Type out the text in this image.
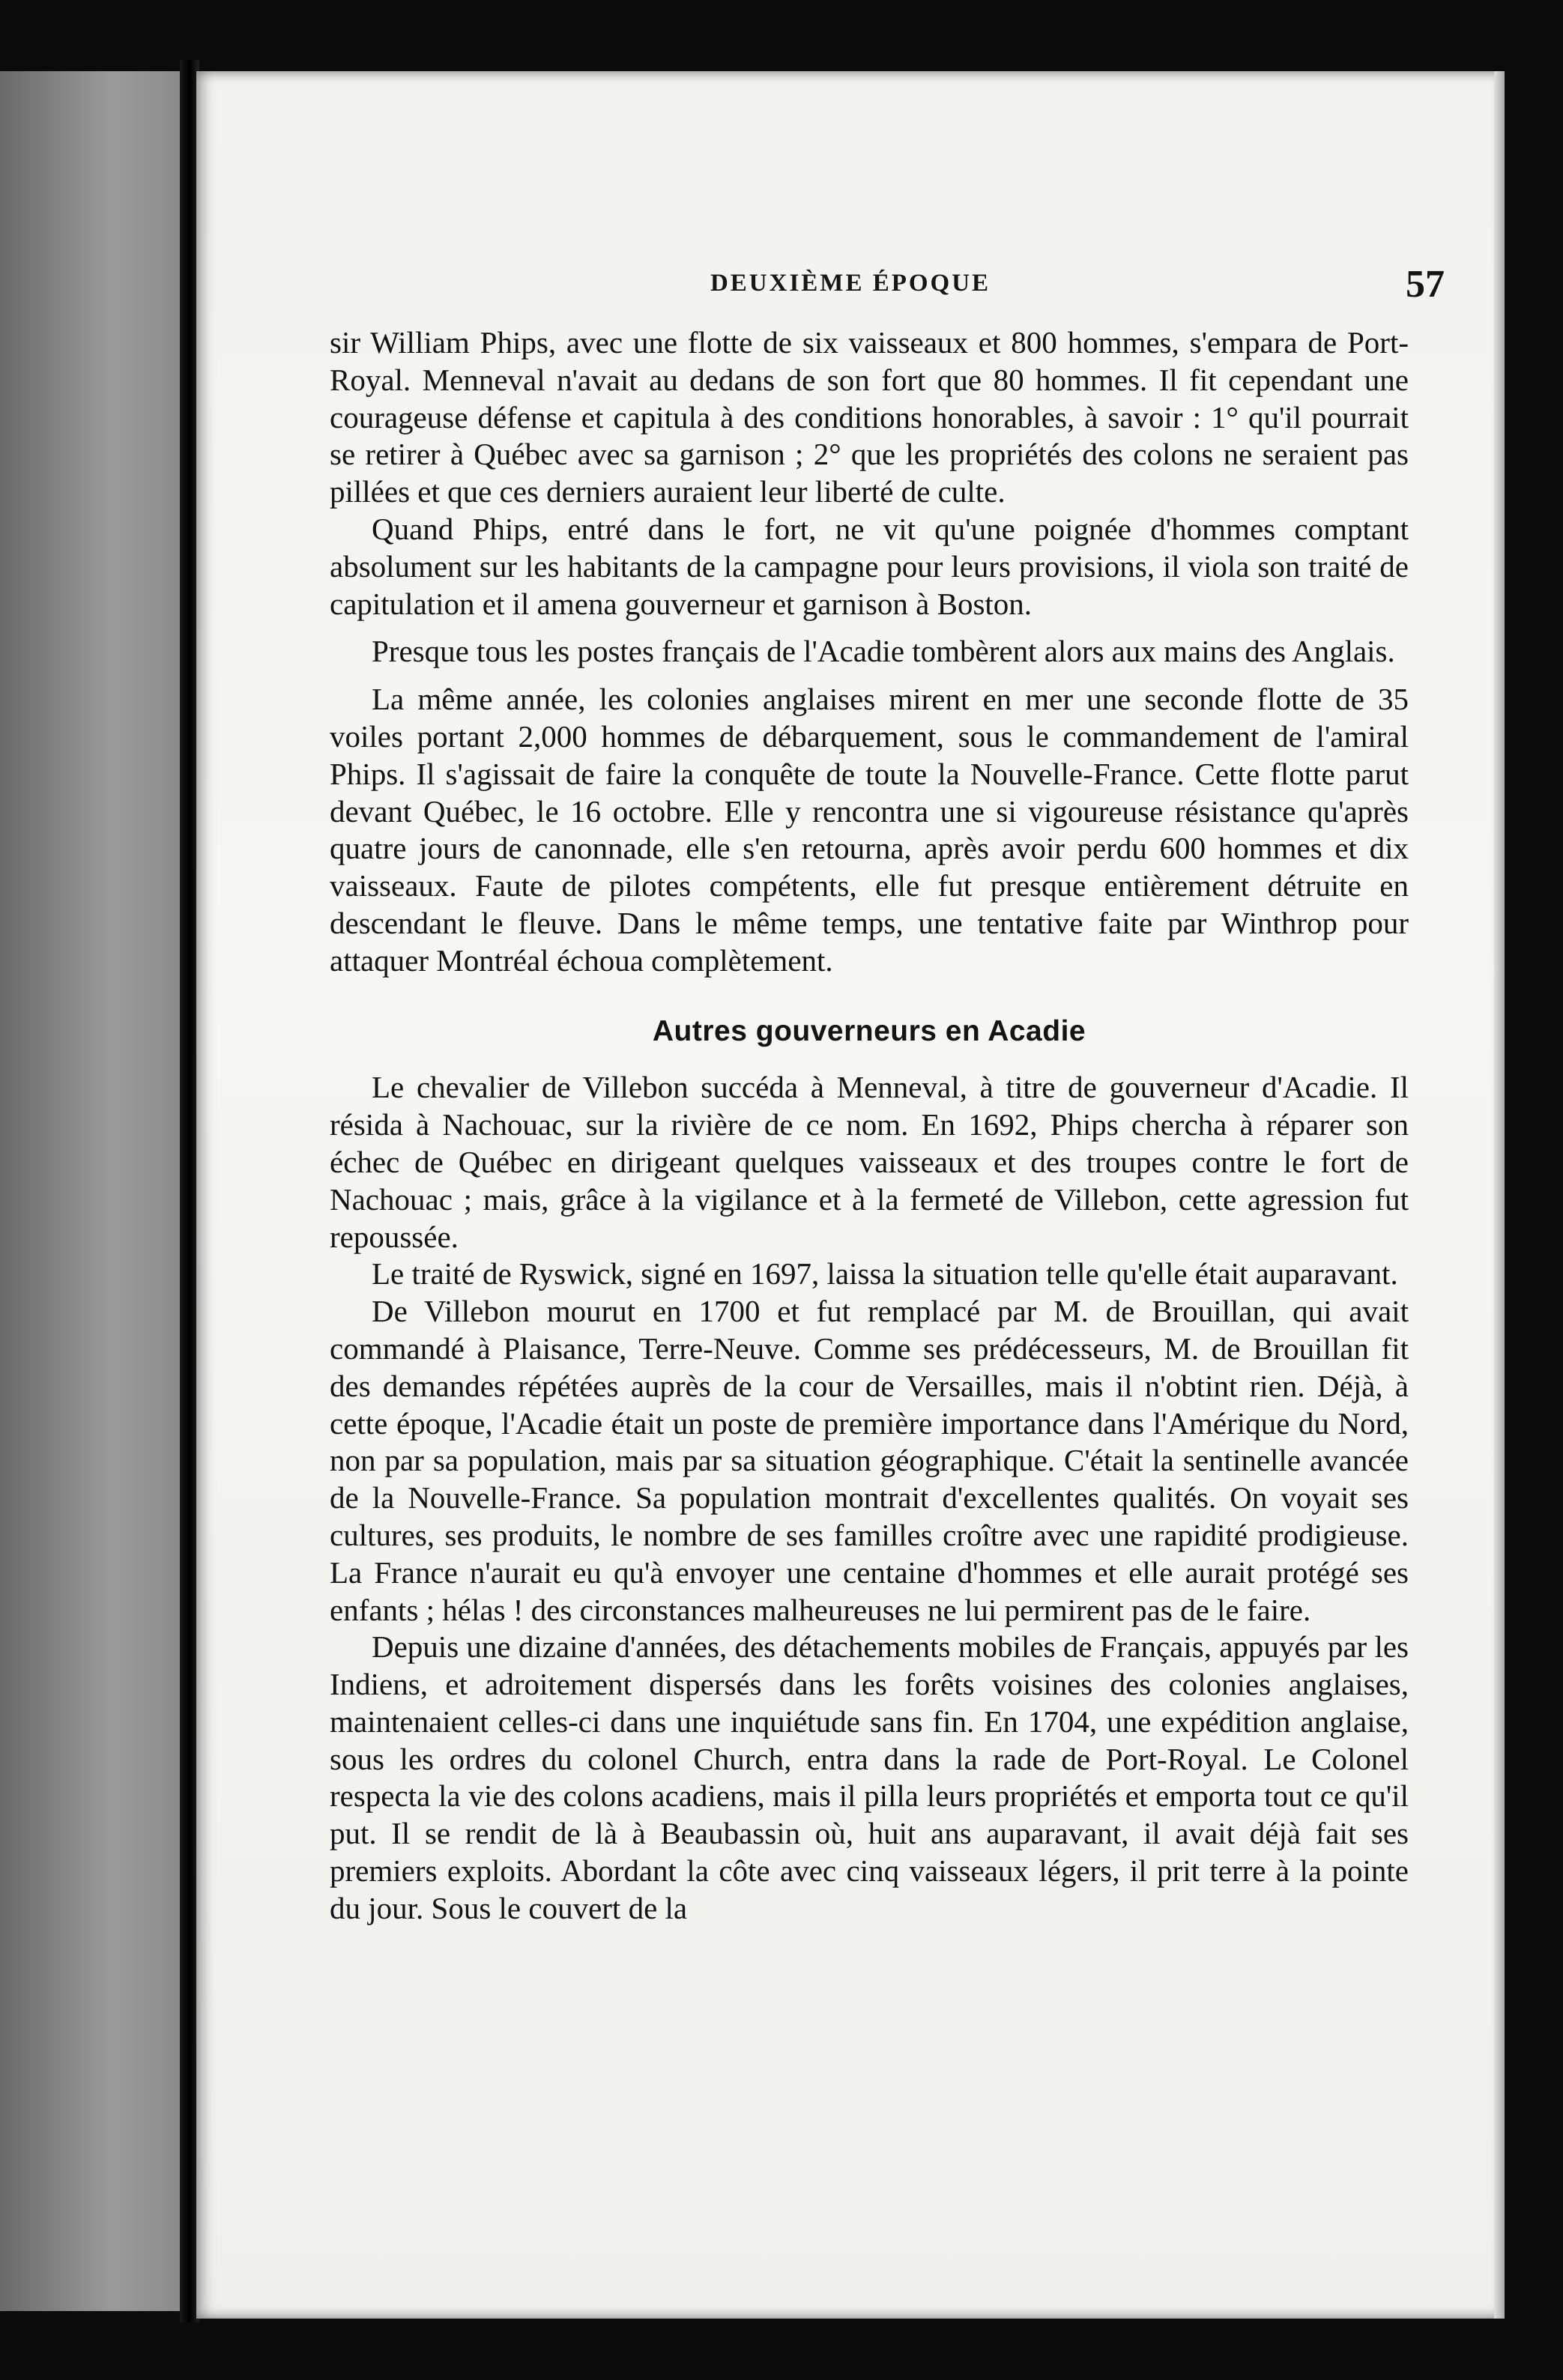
DEUXIÈME ÉPOQUE	57

sir William Phips, avec une flotte de six vaisseaux et 800 hommes, s'empara de Port-Royal. Menneval n'avait au dedans de son fort que 80 hommes. Il fit cependant une courageuse défense et capitula à des conditions honorables, à savoir : 1° qu'il pourrait se retirer à Québec avec sa garnison ; 2° que les propriétés des colons ne seraient pas pillées et que ces derniers auraient leur liberté de culte.

Quand Phips, entré dans le fort, ne vit qu'une poignée d'hommes comptant absolument sur les habitants de la campagne pour leurs provisions, il viola son traité de capitulation et il amena gouverneur et garnison à Boston.

Presque tous les postes français de l'Acadie tombèrent alors aux mains des Anglais.

La même année, les colonies anglaises mirent en mer une seconde flotte de 35 voiles portant 2,000 hommes de débarquement, sous le commandement de l'amiral Phips. Il s'agissait de faire la conquête de toute la Nouvelle-France. Cette flotte parut devant Québec, le 16 octobre. Elle y rencontra une si vigoureuse résistance qu'après quatre jours de canonnade, elle s'en retourna, après avoir perdu 600 hommes et dix vaisseaux. Faute de pilotes compétents, elle fut presque entièrement détruite en descendant le fleuve. Dans le même temps, une tentative faite par Winthrop pour attaquer Montréal échoua complètement.

Autres gouverneurs en Acadie

Le chevalier de Villebon succéda à Menneval, à titre de gouverneur d'Acadie. Il résida à Nachouac, sur la rivière de ce nom. En 1692, Phips chercha à réparer son échec de Québec en dirigeant quelques vaisseaux et des troupes contre le fort de Nachouac ; mais, grâce à la vigilance et à la fermeté de Villebon, cette agression fut repoussée.

Le traité de Ryswick, signé en 1697, laissa la situation telle qu'elle était auparavant.

De Villebon mourut en 1700 et fut remplacé par M. de Brouillan, qui avait commandé à Plaisance, Terre-Neuve. Comme ses prédécesseurs, M. de Brouillan fit des demandes répétées auprès de la cour de Versailles, mais il n'obtint rien. Déjà, à cette époque, l'Acadie était un poste de première importance dans l'Amérique du Nord, non par sa population, mais par sa situation géographique. C'était la sentinelle avancée de la Nouvelle-France. Sa population montrait d'excellentes qualités. On voyait ses cultures, ses produits, le nombre de ses familles croître avec une rapidité prodigieuse. La France n'aurait eu qu'à envoyer une centaine d'hommes et elle aurait protégé ses enfants ; hélas ! des circonstances malheureuses ne lui permirent pas de le faire.

Depuis une dizaine d'années, des détachements mobiles de Français, appuyés par les Indiens, et adroitement dispersés dans les forêts voisines des colonies anglaises, maintenaient celles-ci dans une inquiétude sans fin. En 1704, une expédition anglaise, sous les ordres du colonel Church, entra dans la rade de Port-Royal. Le Colonel respecta la vie des colons acadiens, mais il pilla leurs propriétés et emporta tout ce qu'il put. Il se rendit de là à Beaubassin où, huit ans auparavant, il avait déjà fait ses premiers exploits. Abordant la côte avec cinq vaisseaux légers, il prit terre à la pointe du jour. Sous le couvert de la
